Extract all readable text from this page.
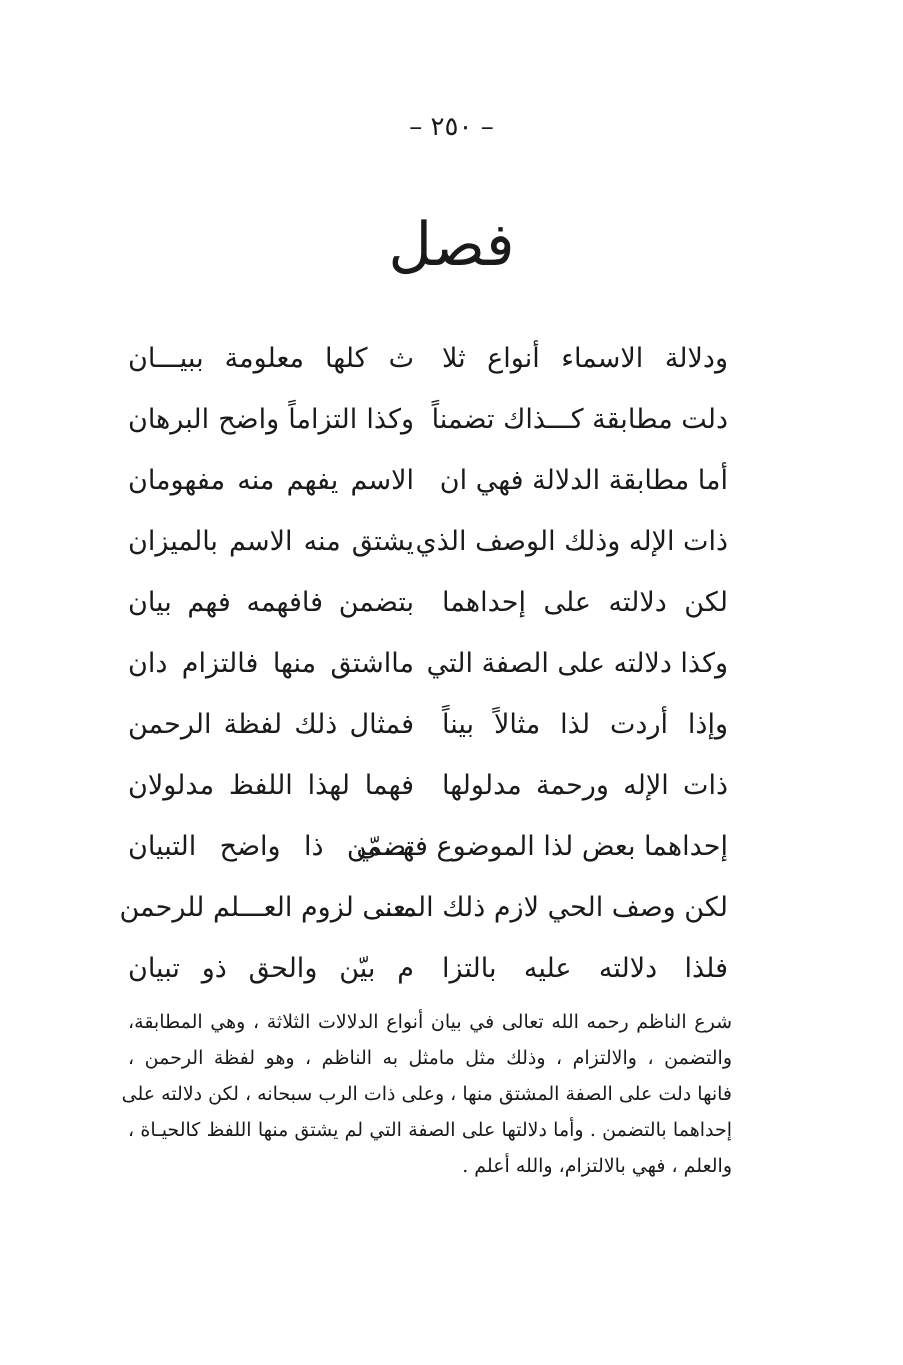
– ٢٥٠ –
فصل
ودلالة الاسماء أنواع ثلا
ث كلها معلومة ببيـــان
دلت مطابقة كـــذاك تضمناً
وكذا التزاماً واضح البرهان
أما مطابقة الدلالة فهي ان
الاسم يفهم منه مفهومان
ذات الإله وذلك الوصف الذي
يشتق منه الاسم بالميزان
لكن دلالته على إحداهما
بتضمن فافهمه فهم بيان
وكذا دلالته على الصفة التي
مااشتق منها فالتزام دان
وإذا أردت لذا مثالاً بيناً
فمثال ذلك لفظة الرحمن
ذات الإله ورحمة مدلولها
فهما لهذا اللفظ مدلولان
إحداهما بعض لذا الموضوع فهـــي
تضمّن ذا واضح التبيان
لكن وصف الحي لازم ذلك المـــ
ـعنى لزوم العـــلم للرحمن
فلذا دلالته عليه بالتزا
م بيّن والحق ذو تبيان
شرع الناظم رحمه الله تعالى في بيان أنواع الدلالات الثلاثة ، وهي المطابقة،
والتضمن ، والالتزام ، وذلك مثل مامثل به الناظم ، وهو لفظة الرحمن ،
فانها دلت على الصفة المشتق منها ، وعلى ذات الرب سبحانه ، لكن دلالته على
إحداهما بالتضمن . وأما دلالتها على الصفة التي لم يشتق منها اللفظ كالحيـاة ،
والعلم ، فهي بالالتزام، والله أعلم .
